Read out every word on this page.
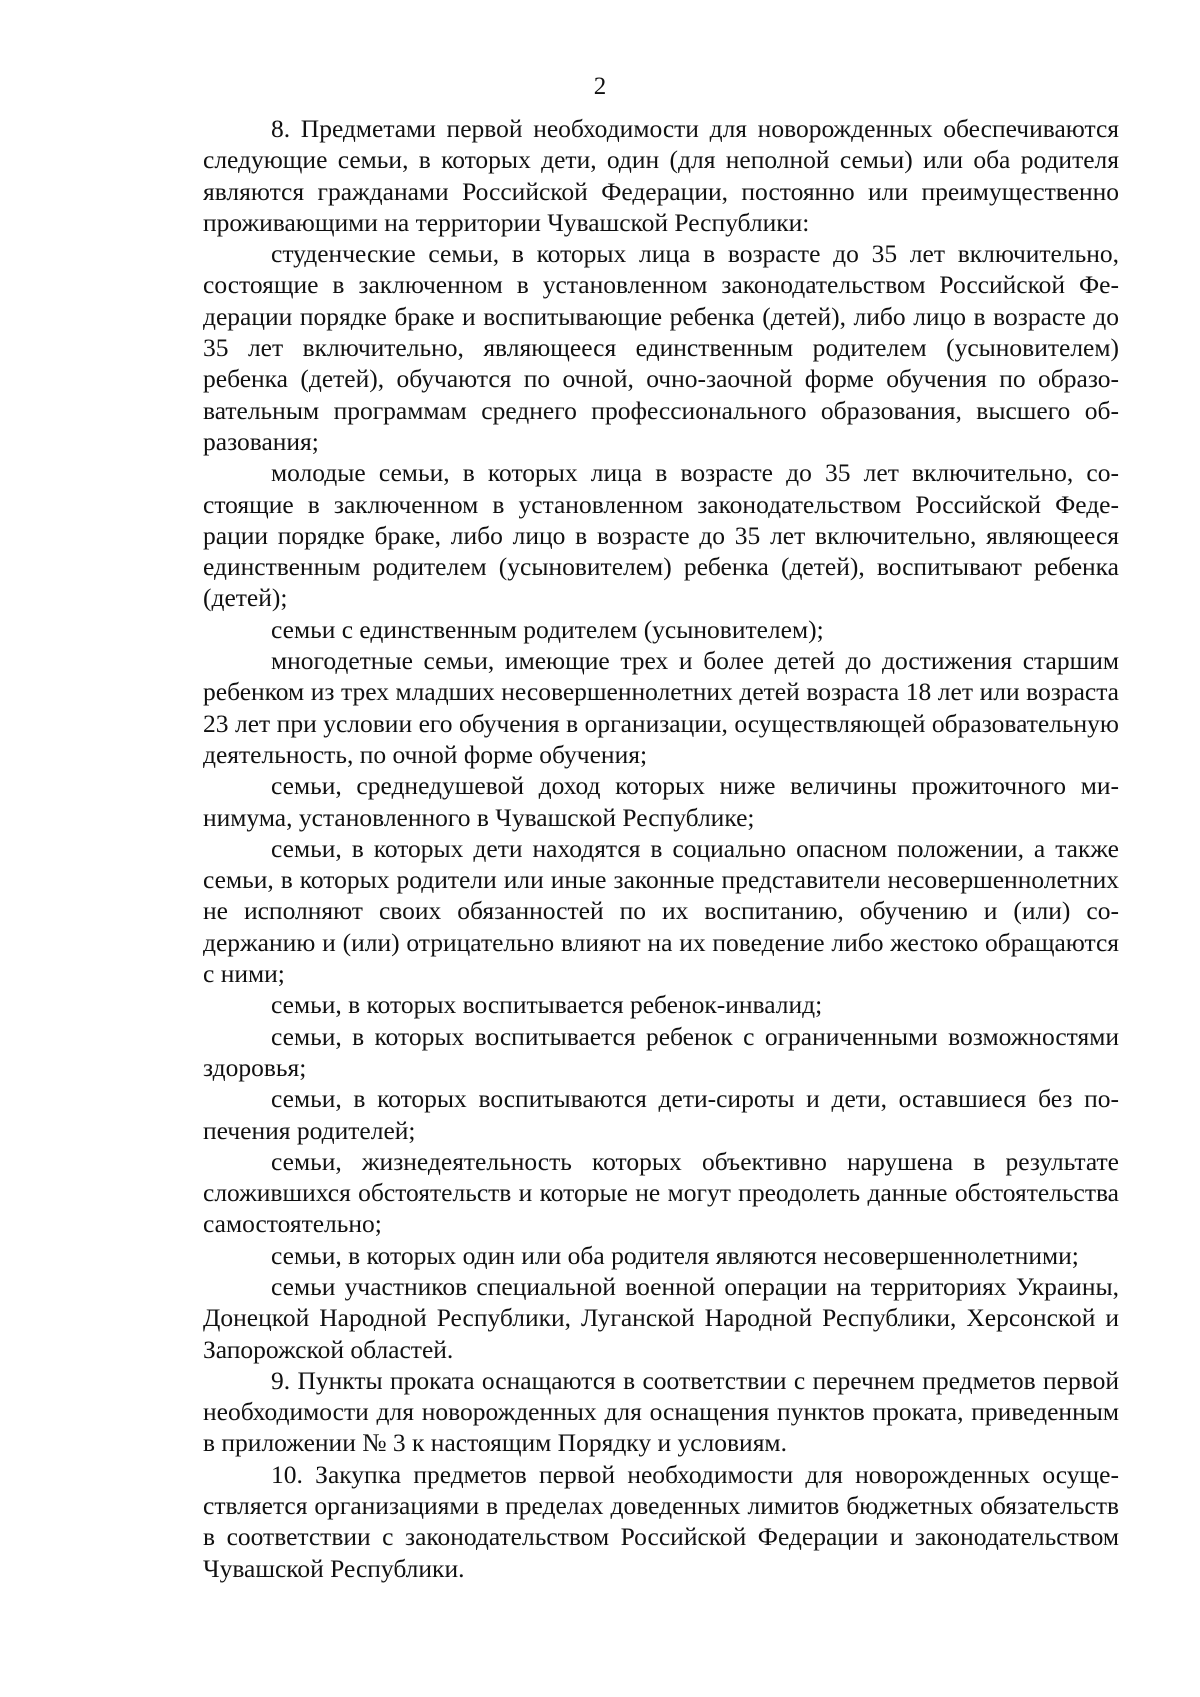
2

8. Предметами первой необходимости для новорожденных обеспечиваются следующие семьи, в которых дети, один (для неполной семьи) или оба родителя являются гражданами Российской Федерации, постоянно или преимущественно проживающими на территории Чувашской Республики:

студенческие семьи, в которых лица в возрасте до 35 лет включительно, состоящие в заключенном в установленном законодательством Российской Федерации порядке браке и воспитывающие ребенка (детей), либо лицо в возрасте до 35 лет включительно, являющееся единственным родителем (усыновителем) ребенка (детей), обучаются по очной, очно-заочной форме обучения по образовательным программам среднего профессионального образования, высшего образования;

молодые семьи, в которых лица в возрасте до 35 лет включительно, состоящие в заключенном в установленном законодательством Российской Федерации порядке браке, либо лицо в возрасте до 35 лет включительно, являющееся единственным родителем (усыновителем) ребенка (детей), воспитывают ребенка (детей);

семьи с единственным родителем (усыновителем);

многодетные семьи, имеющие трех и более детей до достижения старшим ребенком из трех младших несовершеннолетних детей возраста 18 лет или возраста 23 лет при условии его обучения в организации, осуществляющей образовательную деятельность, по очной форме обучения;

семьи, среднедушевой доход которых ниже величины прожиточного минимума, установленного в Чувашской Республике;

семьи, в которых дети находятся в социально опасном положении, а также семьи, в которых родители или иные законные представители несовершеннолетних не исполняют своих обязанностей по их воспитанию, обучению и (или) содержанию и (или) отрицательно влияют на их поведение либо жестоко обращаются с ними;

семьи, в которых воспитывается ребенок-инвалид;

семьи, в которых воспитывается ребенок с ограниченными возможностями здоровья;

семьи, в которых воспитываются дети-сироты и дети, оставшиеся без попечения родителей;

семьи, жизнедеятельность которых объективно нарушена в результате сложившихся обстоятельств и которые не могут преодолеть данные обстоятельства самостоятельно;

семьи, в которых один или оба родителя являются несовершеннолетними;

семьи участников специальной военной операции на территориях Украины, Донецкой Народной Республики, Луганской Народной Республики, Херсонской и Запорожской областей.

9. Пункты проката оснащаются в соответствии с перечнем предметов первой необходимости для новорожденных для оснащения пунктов проката, приведенным в приложении № 3 к настоящим Порядку и условиям.

10. Закупка предметов первой необходимости для новорожденных осуществляется организациями в пределах доведенных лимитов бюджетных обязательств в соответствии с законодательством Российской Федерации и законодательством Чувашской Республики.
